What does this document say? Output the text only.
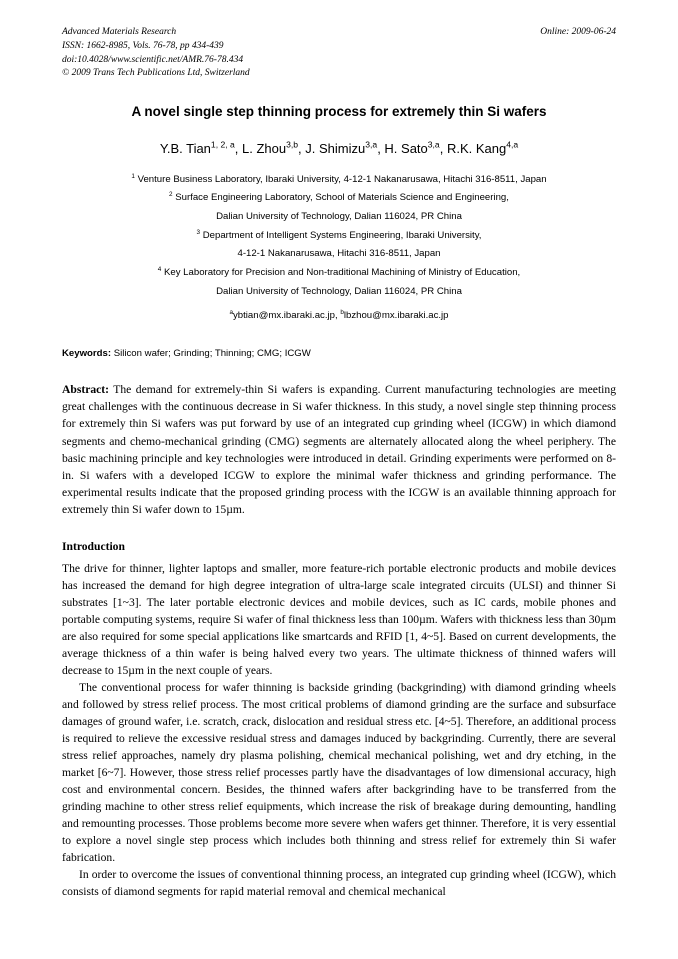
Advanced Materials Research
ISSN: 1662-8985, Vols. 76-78, pp 434-439
doi:10.4028/www.scientific.net/AMR.76-78.434
© 2009 Trans Tech Publications Ltd, Switzerland
Online: 2009-06-24
A novel single step thinning process for extremely thin Si wafers
Y.B. Tian$^{1, 2, a}$, L. Zhou$^{3,b}$, J. Shimizu$^{3,a}$, H. Sato$^{3,a}$, R.K. Kang$^{4,a}$
$^1$ Venture Business Laboratory, Ibaraki University, 4-12-1 Nakanarusawa, Hitachi 316-8511, Japan
$^2$ Surface Engineering Laboratory, School of Materials Science and Engineering,
Dalian University of Technology, Dalian 116024, PR China
$^3$ Department of Intelligent Systems Engineering, Ibaraki University,
4-12-1 Nakanarusawa, Hitachi 316-8511, Japan
$^4$ Key Laboratory for Precision and Non-traditional Machining of Ministry of Education,
Dalian University of Technology, Dalian 116024, PR China
$^a$ybtian@mx.ibaraki.ac.jp, $^b$lbzhou@mx.ibaraki.ac.jp
Keywords: Silicon wafer; Grinding; Thinning; CMG; ICGW
Abstract: The demand for extremely-thin Si wafers is expanding. Current manufacturing technologies are meeting great challenges with the continuous decrease in Si wafer thickness. In this study, a novel single step thinning process for extremely thin Si wafers was put forward by use of an integrated cup grinding wheel (ICGW) in which diamond segments and chemo-mechanical grinding (CMG) segments are alternately allocated along the wheel periphery. The basic machining principle and key technologies were introduced in detail. Grinding experiments were performed on 8-in. Si wafers with a developed ICGW to explore the minimal wafer thickness and grinding performance. The experimental results indicate that the proposed grinding process with the ICGW is an available thinning approach for extremely thin Si wafer down to 15µm.
Introduction

The drive for thinner, lighter laptops and smaller, more feature-rich portable electronic products and mobile devices has increased the demand for high degree integration of ultra-large scale integrated circuits (ULSI) and thinner Si substrates [1~3]. The later portable electronic devices and mobile devices, such as IC cards, mobile phones and portable computing systems, require Si wafer of final thickness less than 100µm. Wafers with thickness less than 30µm are also required for some special applications like smartcards and RFID [1, 4~5]. Based on current developments, the average thickness of a thin wafer is being halved every two years. The ultimate thickness of thinned wafers will decrease to 15µm in the next couple of years.

The conventional process for wafer thinning is backside grinding (backgrinding) with diamond grinding wheels and followed by stress relief process. The most critical problems of diamond grinding are the surface and subsurface damages of ground wafer, i.e. scratch, crack, dislocation and residual stress etc. [4~5]. Therefore, an additional process is required to relieve the excessive residual stress and damages induced by backgrinding. Currently, there are several stress relief approaches, namely dry plasma polishing, chemical mechanical polishing, wet and dry etching, in the market [6~7]. However, those stress relief processes partly have the disadvantages of low dimensional accuracy, high cost and environmental concern. Besides, the thinned wafers after backgrinding have to be transferred from the grinding machine to other stress relief equipments, which increase the risk of breakage during demounting, handling and remounting processes. Those problems become more severe when wafers get thinner. Therefore, it is very essential to explore a novel single step process which includes both thinning and stress relief for extremely thin Si wafer fabrication.

In order to overcome the issues of conventional thinning process, an integrated cup grinding wheel (ICGW), which consists of diamond segments for rapid material removal and chemical mechanical
